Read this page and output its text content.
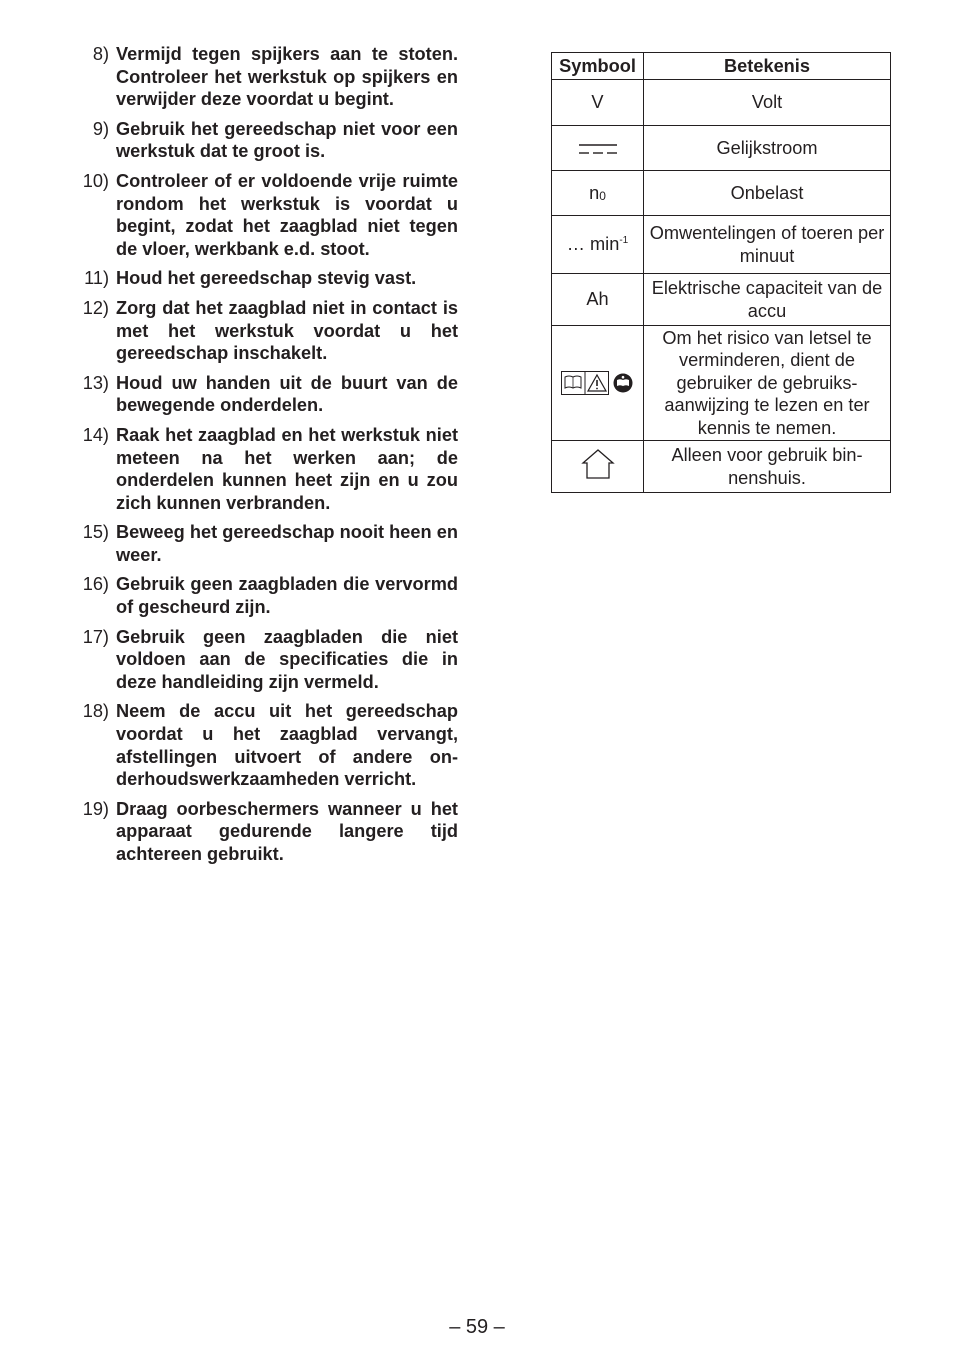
8) Vermijd tegen spijkers aan te stoten. Controleer het werkstuk op spijkers en verwijder deze voordat u begint.
9) Gebruik het gereedschap niet voor een werkstuk dat te groot is.
10) Controleer of er voldoende vrije ruimte rondom het werkstuk is voordat u begint, zodat het zaagblad niet tegen de vloer, werkbank e.d. stoot.
11) Houd het gereedschap stevig vast.
12) Zorg dat het zaagblad niet in contact is met het werkstuk voordat u het gereedschap inschakelt.
13) Houd uw handen uit de buurt van de bewegende onderdelen.
14) Raak het zaagblad en het werkstuk niet meteen na het werken aan; de onderdelen kunnen heet zijn en u zou zich kunnen verbranden.
15) Beweeg het gereedschap nooit heen en weer.
16) Gebruik geen zaagbladen die vervormd of gescheurd zijn.
17) Gebruik geen zaagbladen die niet voldoen aan de specificaties die in deze handleiding zijn vermeld.
18) Neem de accu uit het gereedschap voordat u het zaagblad vervangt, afstellingen uitvoert of andere onderhoudswerkzaamheden verricht.
19) Draag oorbeschermers wanneer u het apparaat gedurende langere tijd achtereen gebruikt.
Symbool	Betekenis
V	Volt
	Gelijkstroom
n0	Onbelast
… $\min^{-1}$	Omwentelingen of toeren per minuut
Ah	Elektrische capaciteit van de accu

	Om het risico van letsel te verminderen, dient de gebruiker de gebruiksaanwijzing te lezen en ter kennis te nemen.
	Alleen voor gebruik binnenshuis.
– 59 –
